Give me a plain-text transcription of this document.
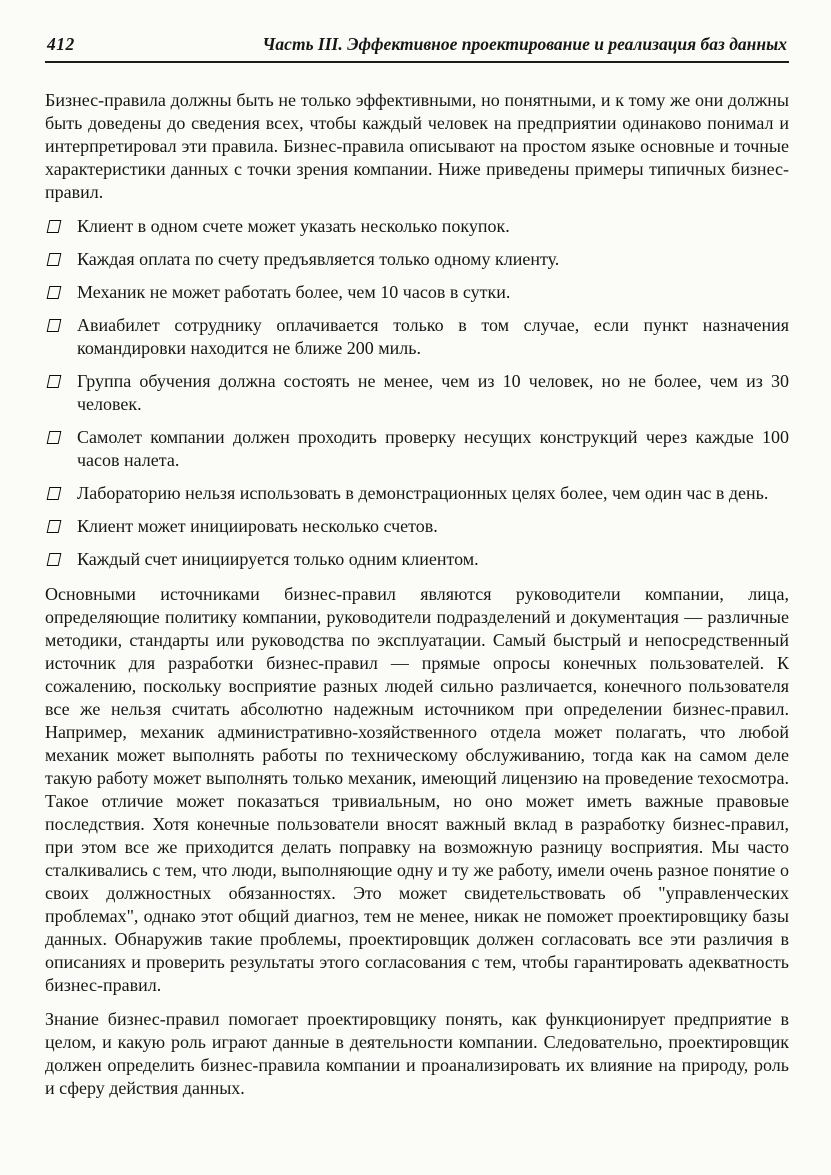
412	Часть III. Эффективное проектирование и реализация баз данных

Бизнес-правила должны быть не только эффективными, но понятными, и к тому же они должны быть доведены до сведения всех, чтобы каждый человек на предприятии одинаково понимал и интерпретировал эти правила. Бизнес-правила описывают на простом языке основные и точные характеристики данных с точки зрения компании. Ниже приведены примеры типичных бизнес-правил.

Клиент в одном счете может указать несколько покупок.
Каждая оплата по счету предъявляется только одному клиенту.
Механик не может работать более, чем 10 часов в сутки.
Авиабилет сотруднику оплачивается только в том случае, если пункт назначения командировки находится не ближе 200 миль.
Группа обучения должна состоять не менее, чем из 10 человек, но не более, чем из 30 человек.
Самолет компании должен проходить проверку несущих конструкций через каждые 100 часов налета.
Лабораторию нельзя использовать в демонстрационных целях более, чем один час в день.
Клиент может инициировать несколько счетов.
Каждый счет инициируется только одним клиентом.

Основными источниками бизнес-правил являются руководители компании, лица, определяющие политику компании, руководители подразделений и документация — различные методики, стандарты или руководства по эксплуатации. Самый быстрый и непосредственный источник для разработки бизнес-правил — прямые опросы конечных пользователей. К сожалению, поскольку восприятие разных людей сильно различается, конечного пользователя все же нельзя считать абсолютно надежным источником при определении бизнес-правил. Например, механик административно-хозяйственного отдела может полагать, что любой механик может выполнять работы по техническому обслуживанию, тогда как на самом деле такую работу может выполнять только механик, имеющий лицензию на проведение техосмотра. Такое отличие может показаться тривиальным, но оно может иметь важные правовые последствия. Хотя конечные пользователи вносят важный вклад в разработку бизнес-правил, при этом все же приходится делать поправку на возможную разницу восприятия. Мы часто сталкивались с тем, что люди, выполняющие одну и ту же работу, имели очень разное понятие о своих должностных обязанностях. Это может свидетельствовать об "управленческих проблемах", однако этот общий диагноз, тем не менее, никак не поможет проектировщику базы данных. Обнаружив такие проблемы, проектировщик должен согласовать все эти различия в описаниях и проверить результаты этого согласования с тем, чтобы гарантировать адекватность бизнес-правил.

Знание бизнес-правил помогает проектировщику понять, как функционирует предприятие в целом, и какую роль играют данные в деятельности компании. Следовательно, проектировщик должен определить бизнес-правила компании и проанализировать их влияние на природу, роль и сферу действия данных.
